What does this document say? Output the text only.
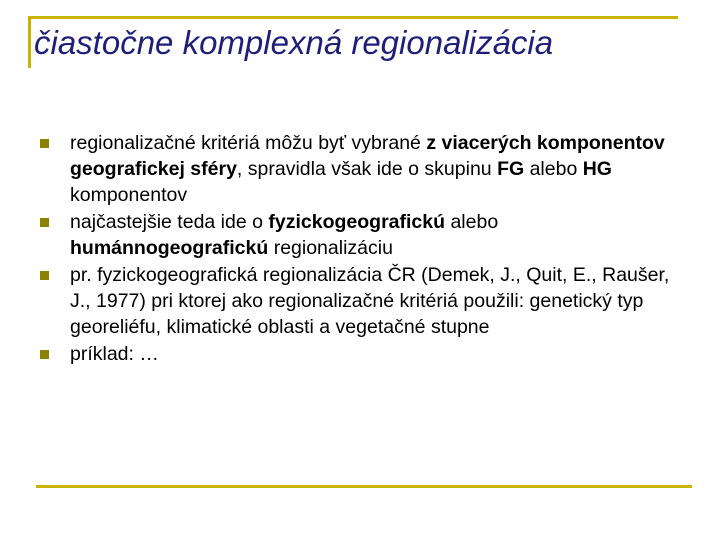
čiastočne komplexná regionalizácia
regionalizačné kritériá môžu byť vybrané z viacerých komponentov geografickej sféry, spravidla však ide o skupinu FG alebo HG komponentov
najčastejšie teda ide o fyzickogeografickú alebo humánnogeografickú regionalizáciu
pr. fyzickogeografická regionalizácia ČR (Demek, J., Quit, E., Raušer, J., 1977) pri ktorej ako regionalizačné kritériá použili: genetický typ georeliéfu, klimatické oblasti a vegetačné stupne
príklad: …
